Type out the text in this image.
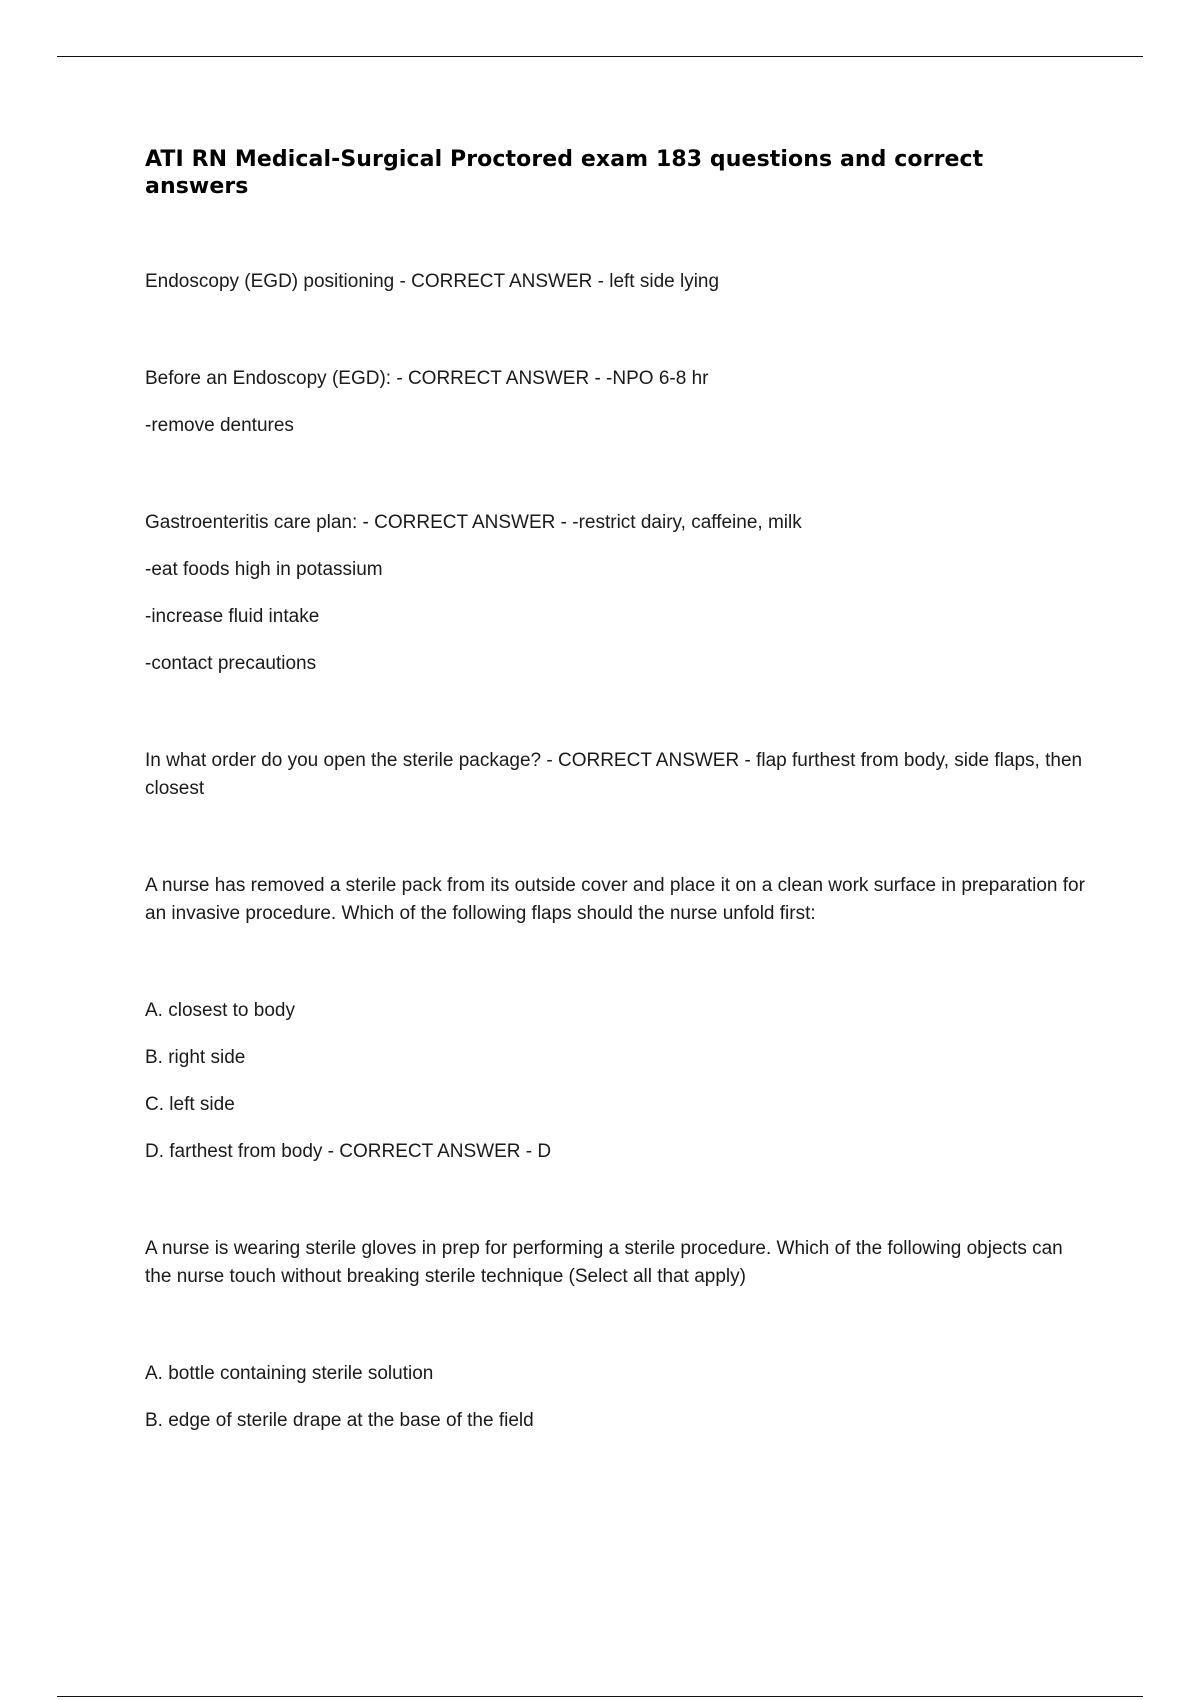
ATI RN Medical-Surgical Proctored exam 183 questions and correct answers
Endoscopy (EGD) positioning - CORRECT ANSWER - left side lying
Before an Endoscopy (EGD): - CORRECT ANSWER - -NPO 6-8 hr
-remove dentures
Gastroenteritis care plan: - CORRECT ANSWER - -restrict dairy, caffeine, milk
-eat foods high in potassium
-increase fluid intake
-contact precautions
In what order do you open the sterile package? - CORRECT ANSWER - flap furthest from body, side flaps, then closest
A nurse has removed a sterile pack from its outside cover and place it on a clean work surface in preparation for an invasive procedure. Which of the following flaps should the nurse unfold first:
A. closest to body
B. right side
C. left side
D. farthest from body - CORRECT ANSWER - D
A nurse is wearing sterile gloves in prep for performing a sterile procedure. Which of the following objects can the nurse touch without breaking sterile technique (Select all that apply)
A. bottle containing sterile solution
B. edge of sterile drape at the base of the field
